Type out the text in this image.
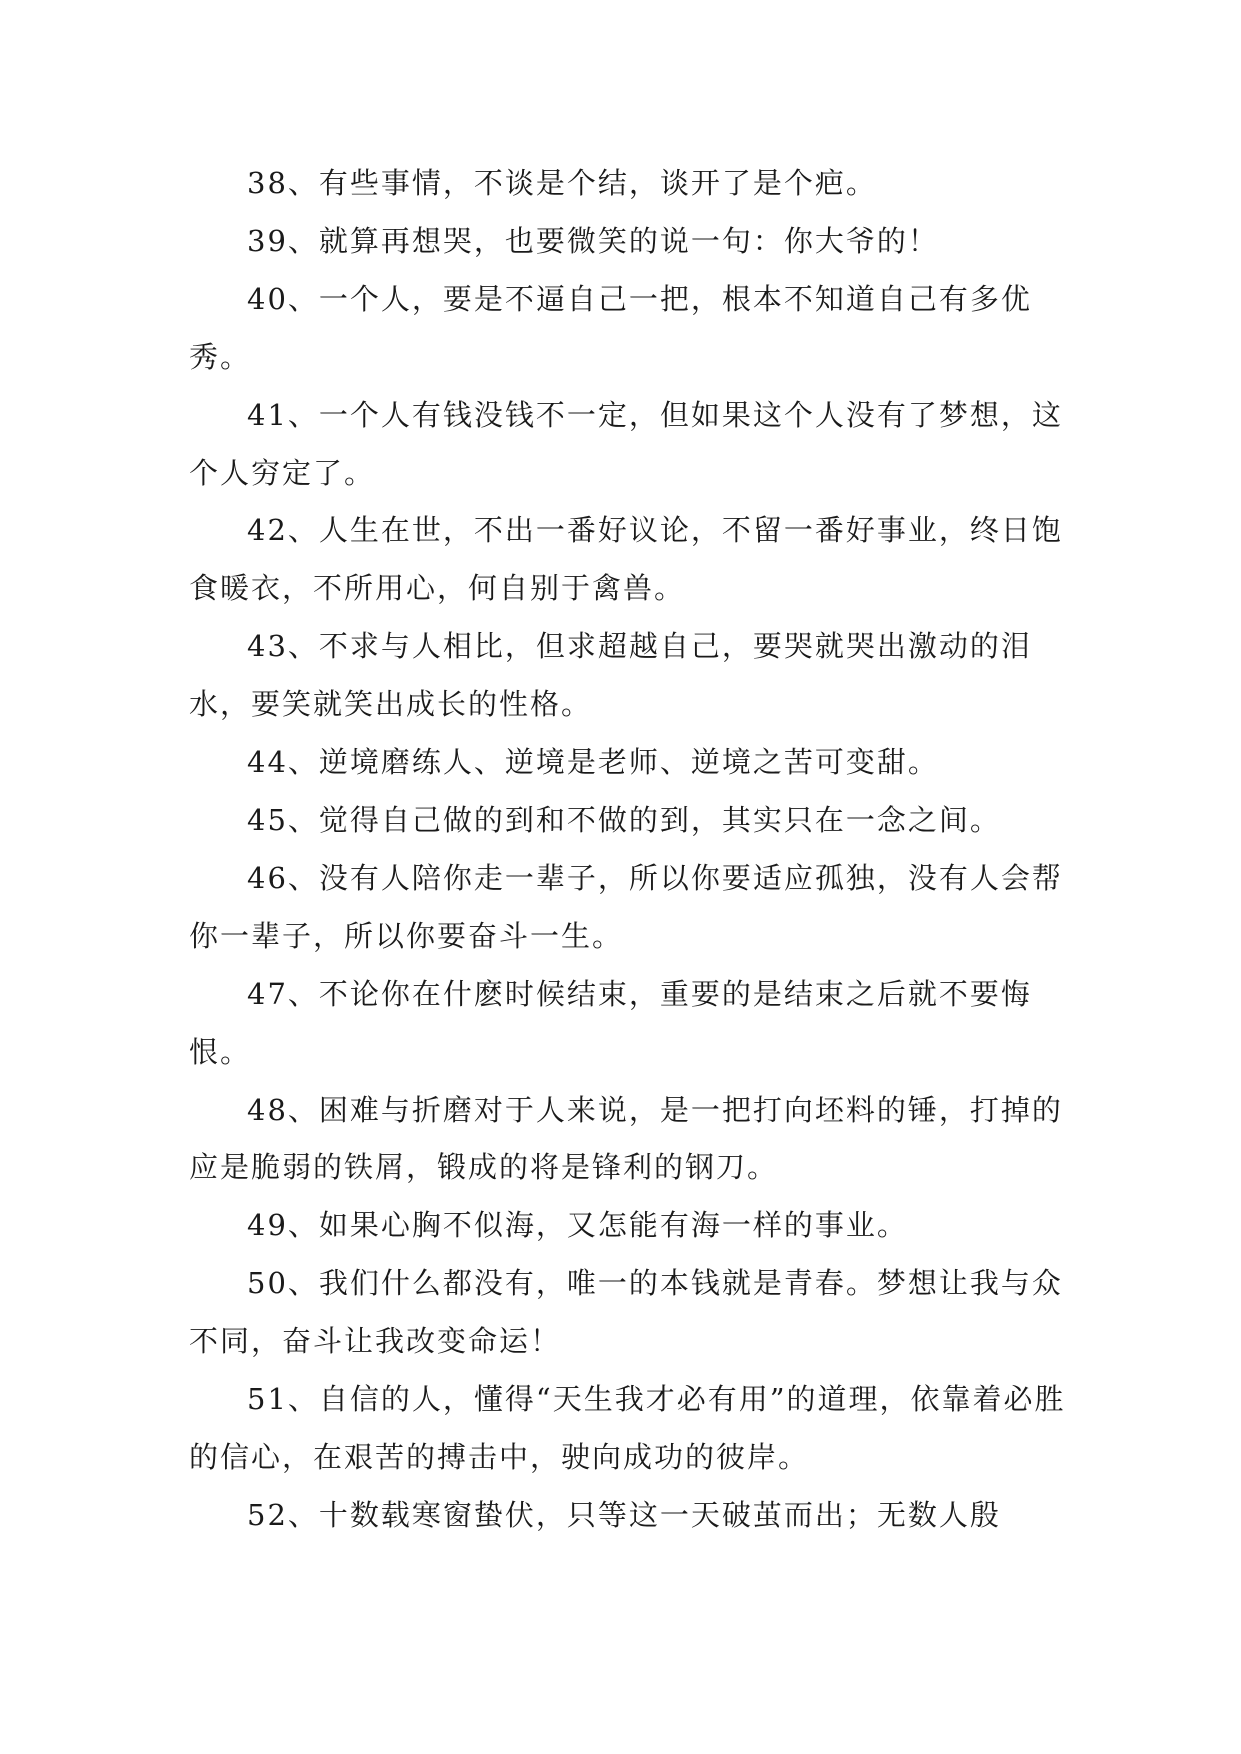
38、有些事情，不谈是个结，谈开了是个疤。

39、就算再想哭，也要微笑的说一句：你大爷的！

40、一个人，要是不逼自己一把，根本不知道自己有多优秀。

41、一个人有钱没钱不一定，但如果这个人没有了梦想，这个人穷定了。

42、人生在世，不出一番好议论，不留一番好事业，终日饱食暖衣，不所用心，何自别于禽兽。

43、不求与人相比，但求超越自己，要哭就哭出激动的泪水，要笑就笑出成长的性格。

44、逆境磨练人、逆境是老师、逆境之苦可变甜。

45、觉得自己做的到和不做的到，其实只在一念之间。

46、没有人陪你走一辈子，所以你要适应孤独，没有人会帮你一辈子，所以你要奋斗一生。

47、不论你在什麽时候结束，重要的是结束之后就不要悔恨。

48、困难与折磨对于人来说，是一把打向坯料的锤，打掉的应是脆弱的铁屑，锻成的将是锋利的钢刀。

49、如果心胸不似海，又怎能有海一样的事业。

50、我们什么都没有，唯一的本钱就是青春。梦想让我与众不同，奋斗让我改变命运！

51、自信的人，懂得“天生我才必有用”的道理，依靠着必胜的信心，在艰苦的搏击中，驶向成功的彼岸。

52、十数载寒窗蛰伏，只等这一天破茧而出；无数人殷
